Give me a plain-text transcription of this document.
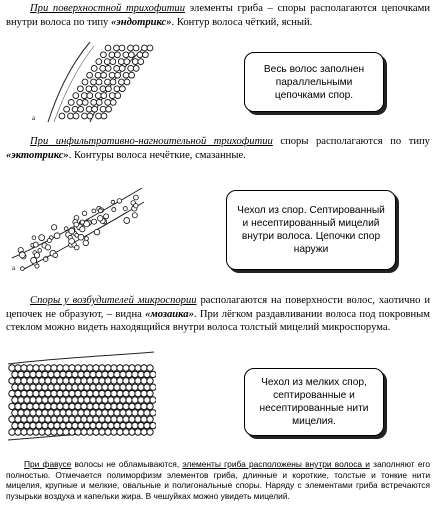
При поверхностной трихофитии элементы гриба – споры располагаются цепочками внутри волоса по типу «эндотрикс». Контур волоса чёткий, ясный.

а
Весь волос заполнен параллельными цепочками спор.

При инфильтративно-нагноительной трихофитии споры располагаются по типу «эктотрикс». Контуры волоса нечёткие, смазанные.

а
Чехол из спор. Септированный и несептированный мицелий внутри волоса. Цепочки спор наружи

Споры у возбудителей микроспории располагаются на поверхности волос, хаотично и цепочек не образуют, – видна «мозаика». При лёгком раздавливании волоса под покровным стеклом можно видеть находящийся внутри волоса толстый мицелий микроспорума.

Чехол из мелких спор, септированные и несептированные нити мицелия.

При фавусе волосы не обламываются, элементы гриба расположены внутри волоса и заполняют его полностью. Отмечается полиморфизм элементов гриба, длинные и короткие, толстые и тонкие нити мицелия, крупные и мелкие, овальные и полигональные споры. Наряду с элементами гриба встречаются пузырьки воздуха и капельки жира. В чешуйках можно увидеть мицелий.
